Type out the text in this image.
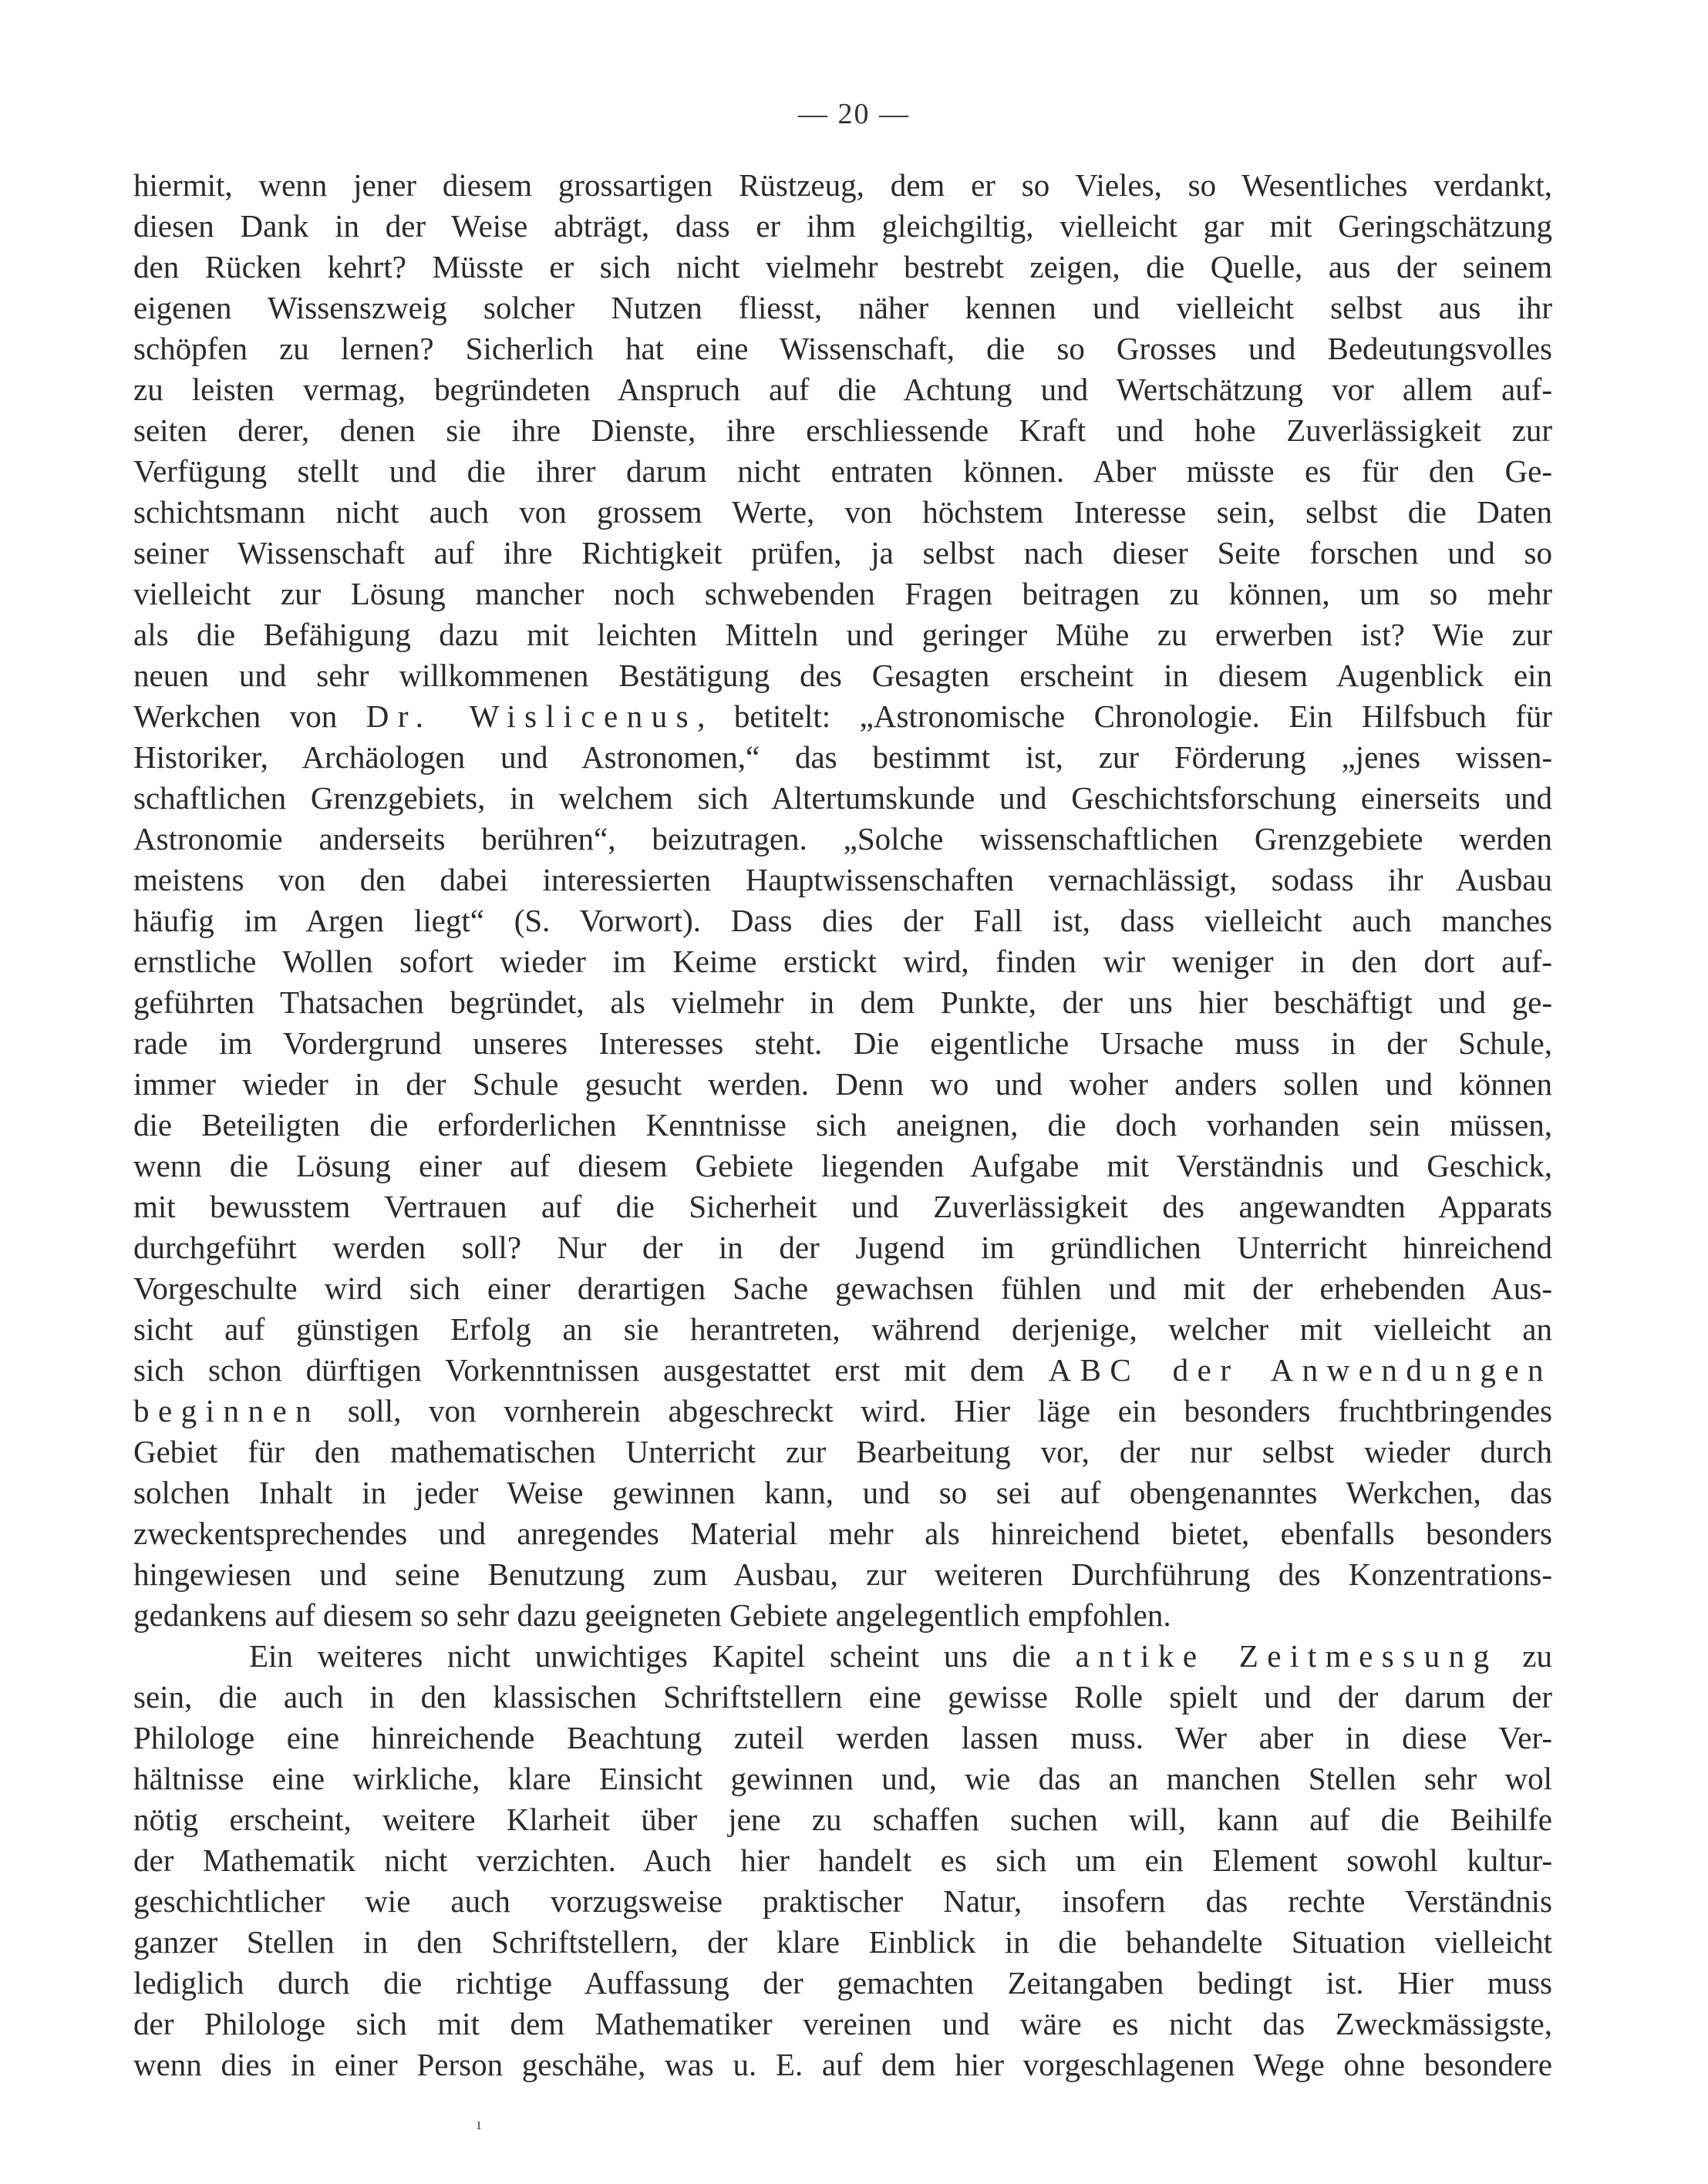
— 20 —
hiermit, wenn jener diesem grossartigen Rüstzeug, dem er so Vieles, so Wesentliches verdankt,
diesen Dank in der Weise abträgt, dass er ihm gleichgiltig, vielleicht gar mit Geringschätzung
den Rücken kehrt? Müsste er sich nicht vielmehr bestrebt zeigen, die Quelle, aus der seinem
eigenen Wissenszweig solcher Nutzen fliesst, näher kennen und vielleicht selbst aus ihr
schöpfen zu lernen? Sicherlich hat eine Wissenschaft, die so Grosses und Bedeutungsvolles
zu leisten vermag, begründeten Anspruch auf die Achtung und Wertschätzung vor allem auf-
seiten derer, denen sie ihre Dienste, ihre erschliessende Kraft und hohe Zuverlässigkeit zur
Verfügung stellt und die ihrer darum nicht entraten können. Aber müsste es für den Ge-
schichtsmann nicht auch von grossem Werte, von höchstem Interesse sein, selbst die Daten
seiner Wissenschaft auf ihre Richtigkeit prüfen, ja selbst nach dieser Seite forschen und so
vielleicht zur Lösung mancher noch schwebenden Fragen beitragen zu können, um so mehr
als die Befähigung dazu mit leichten Mitteln und geringer Mühe zu erwerben ist? Wie zur
neuen und sehr willkommenen Bestätigung des Gesagten erscheint in diesem Augenblick ein
Werkchen von Dr. Wislicenus, betitelt: „Astronomische Chronologie. Ein Hilfsbuch für
Historiker, Archäologen und Astronomen,“ das bestimmt ist, zur Förderung „jenes wissen-
schaftlichen Grenzgebiets, in welchem sich Altertumskunde und Geschichtsforschung einerseits und
Astronomie anderseits berühren“, beizutragen. „Solche wissenschaftlichen Grenzgebiete werden
meistens von den dabei interessierten Hauptwissenschaften vernachlässigt, sodass ihr Ausbau
häufig im Argen liegt“ (S. Vorwort). Dass dies der Fall ist, dass vielleicht auch manches
ernstliche Wollen sofort wieder im Keime erstickt wird, finden wir weniger in den dort auf-
geführten Thatsachen begründet, als vielmehr in dem Punkte, der uns hier beschäftigt und ge-
rade im Vordergrund unseres Interesses steht. Die eigentliche Ursache muss in der Schule,
immer wieder in der Schule gesucht werden. Denn wo und woher anders sollen und können
die Beteiligten die erforderlichen Kenntnisse sich aneignen, die doch vorhanden sein müssen,
wenn die Lösung einer auf diesem Gebiete liegenden Aufgabe mit Verständnis und Geschick,
mit bewusstem Vertrauen auf die Sicherheit und Zuverlässigkeit des angewandten Apparats
durchgeführt werden soll? Nur der in der Jugend im gründlichen Unterricht hinreichend
Vorgeschulte wird sich einer derartigen Sache gewachsen fühlen und mit der erhebenden Aus-
sicht auf günstigen Erfolg an sie herantreten, während derjenige, welcher mit vielleicht an
sich schon dürftigen Vorkenntnissen ausgestattet erst mit dem ABC der Anwendungen
beginnen soll, von vornherein abgeschreckt wird. Hier läge ein besonders fruchtbringendes
Gebiet für den mathematischen Unterricht zur Bearbeitung vor, der nur selbst wieder durch
solchen Inhalt in jeder Weise gewinnen kann, und so sei auf obengenanntes Werkchen, das
zweckentsprechendes und anregendes Material mehr als hinreichend bietet, ebenfalls besonders
hingewiesen und seine Benutzung zum Ausbau, zur weiteren Durchführung des Konzentrations-
gedankens auf diesem so sehr dazu geeigneten Gebiete angelegentlich empfohlen.
Ein weiteres nicht unwichtiges Kapitel scheint uns die antike Zeitmessung zu
sein, die auch in den klassischen Schriftstellern eine gewisse Rolle spielt und der darum der
Philologe eine hinreichende Beachtung zuteil werden lassen muss. Wer aber in diese Ver-
hältnisse eine wirkliche, klare Einsicht gewinnen und, wie das an manchen Stellen sehr wol
nötig erscheint, weitere Klarheit über jene zu schaffen suchen will, kann auf die Beihilfe
der Mathematik nicht verzichten. Auch hier handelt es sich um ein Element sowohl kultur-
geschichtlicher wie auch vorzugsweise praktischer Natur, insofern das rechte Verständnis
ganzer Stellen in den Schriftstellern, der klare Einblick in die behandelte Situation vielleicht
lediglich durch die richtige Auffassung der gemachten Zeitangaben bedingt ist. Hier muss
der Philologe sich mit dem Mathematiker vereinen und wäre es nicht das Zweckmässigste,
wenn dies in einer Person geschähe, was u. E. auf dem hier vorgeschlagenen Wege ohne besondere
ı
